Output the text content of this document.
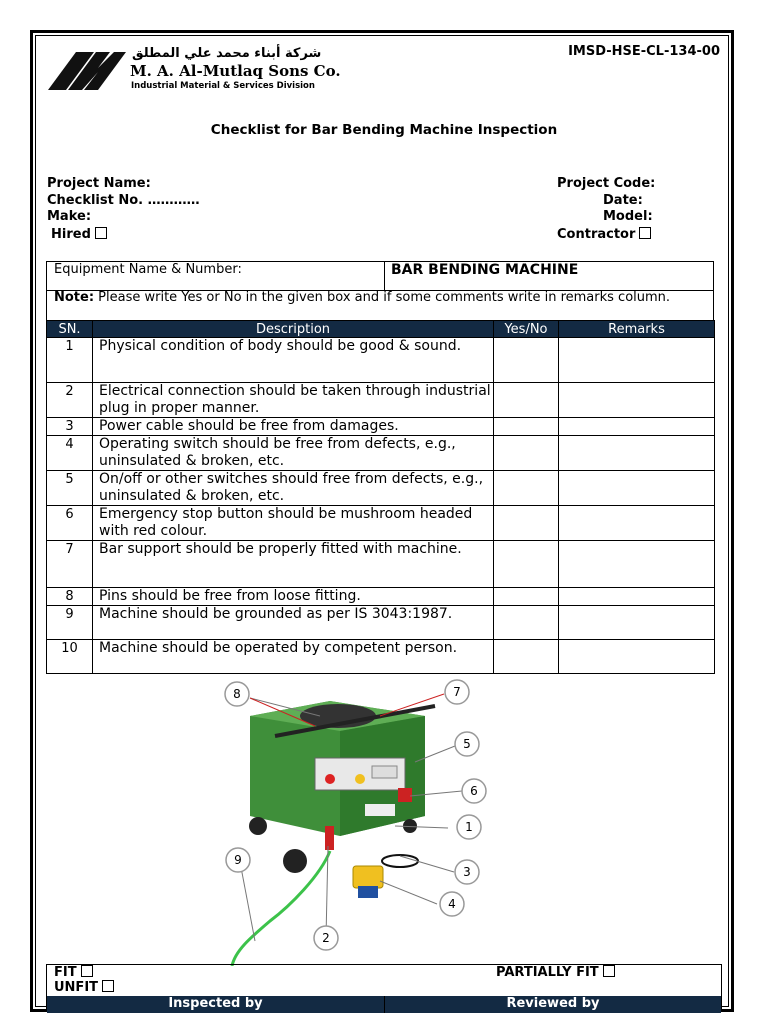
شركة أبناء محمد علي المطلق
M. A. Al-Mutlaq Sons Co.
Industrial Material & Services Division
IMSD-HSE-CL-134-00
Checklist for Bar Bending Machine Inspection
Project Name:
Checklist No. …………
Make:
Hired
Project Code:
Date:
Model:
Contractor
Equipment Name & Number:	BAR BENDING MACHINE
Note: Please write Yes or No in the given box and if some comments write in remarks column.
SN.	Description	Yes/No	Remarks
1	Physical condition of body should be good & sound.		
2	Electrical connection should be taken through industrial plug in proper manner.		
3	Power cable should be free from damages.		
4	Operating switch should be free from defects, e.g., uninsulated & broken, etc.		
5	On/off or other switches should free from defects, e.g., uninsulated & broken, etc.		
6	Emergency stop button should be mushroom headed with red colour.		
7	Bar support should be properly fitted with machine.		
8	Pins should be free from loose fitting.		
9	Machine should be grounded as per IS 3043:1987.		
10	Machine should be operated by competent person.		
8	7
5
6
1
3
4
2
9
FIT
UNFIT
PARTIALLY FIT
Inspected by	Reviewed by
